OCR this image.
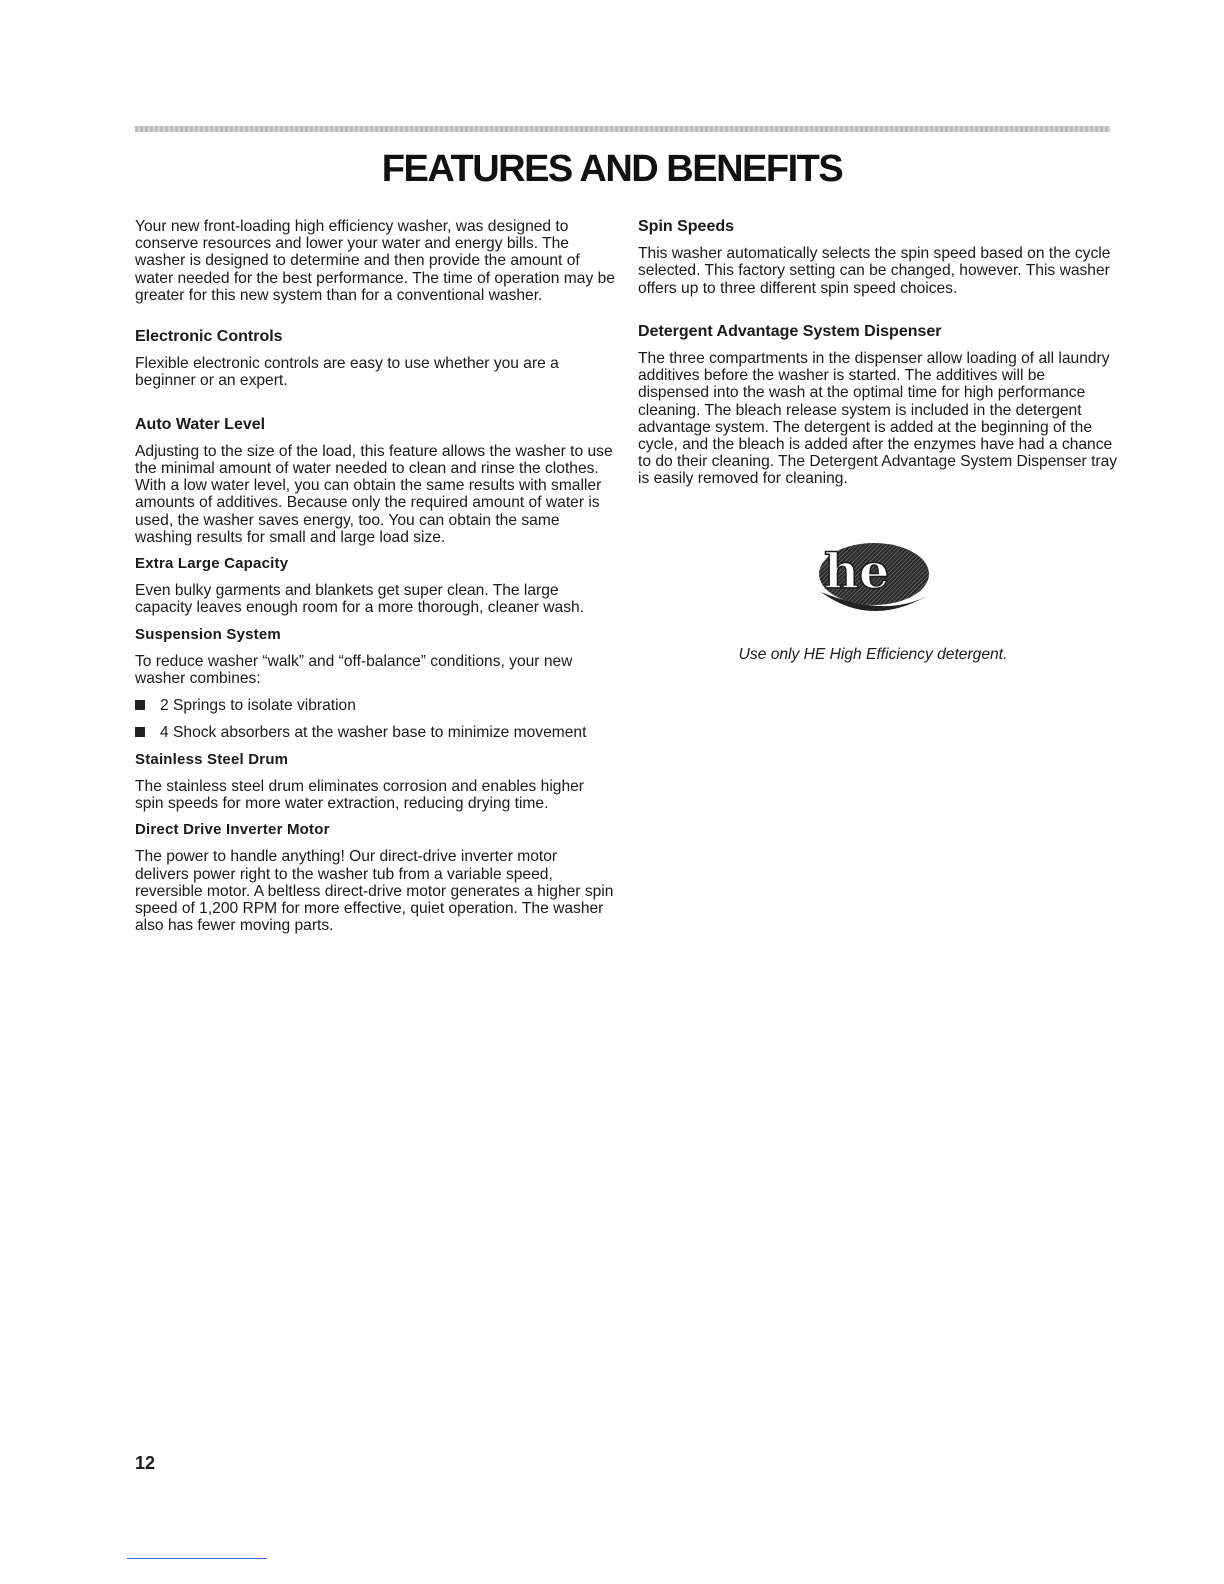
FEATURES AND BENEFITS

Your new front-loading high efficiency washer, was designed to conserve resources and lower your water and energy bills. The washer is designed to determine and then provide the amount of water needed for the best performance. The time of operation may be greater for this new system than for a conventional washer.

Electronic Controls

Flexible electronic controls are easy to use whether you are a beginner or an expert.

Auto Water Level

Adjusting to the size of the load, this feature allows the washer to use the minimal amount of water needed to clean and rinse the clothes. With a low water level, you can obtain the same results with smaller amounts of additives. Because only the required amount of water is used, the washer saves energy, too. You can obtain the same washing results for small and large load size.

Extra Large Capacity

Even bulky garments and blankets get super clean. The large capacity leaves enough room for a more thorough, cleaner wash.

Suspension System

To reduce washer “walk” and “off-balance” conditions, your new washer combines:

2 Springs to isolate vibration
4 Shock absorbers at the washer base to minimize movement
Stainless Steel Drum

The stainless steel drum eliminates corrosion and enables higher spin speeds for more water extraction, reducing drying time.

Direct Drive Inverter Motor

The power to handle anything! Our direct-drive inverter motor delivers power right to the washer tub from a variable speed, reversible motor. A beltless direct-drive motor generates a higher spin speed of 1,200 RPM for more effective, quiet operation. The washer also has fewer moving parts.

Spin Speeds

This washer automatically selects the spin speed based on the cycle selected. This factory setting can be changed, however. This washer offers up to three different spin speed choices.

Detergent Advantage System Dispenser

The three compartments in the dispenser allow loading of all laundry additives before the washer is started. The additives will be dispensed into the wash at the optimal time for high performance cleaning. The bleach release system is included in the detergent advantage system. The detergent is added at the beginning of the cycle, and the bleach is added after the enzymes have had a chance to do their cleaning. The Detergent Advantage System Dispenser tray is easily removed for cleaning.

he

Use only HE High Efficiency detergent.

12
